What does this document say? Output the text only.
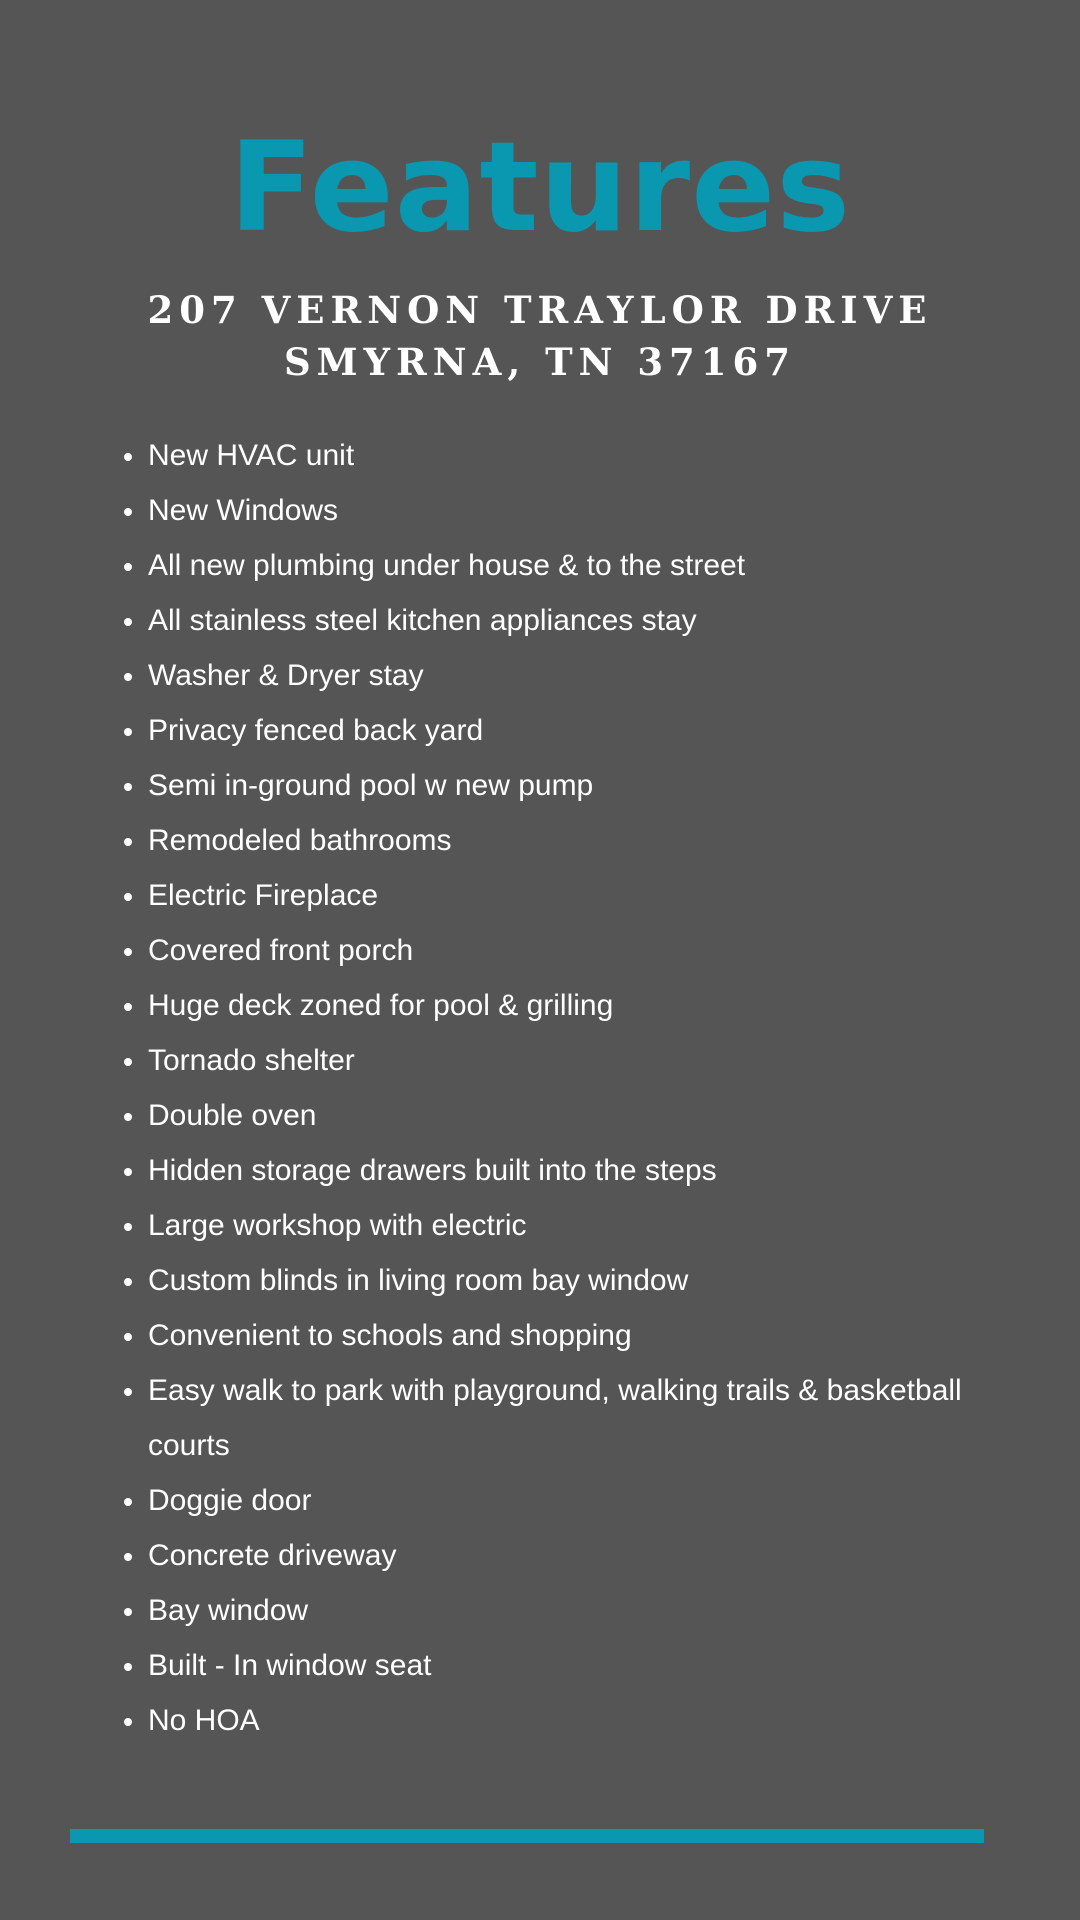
Features
207 VERNON TRAYLOR DRIVE
SMYRNA, TN 37167
New HVAC unit
New Windows
All new plumbing under house & to the street
All stainless steel kitchen appliances stay
Washer & Dryer stay
Privacy fenced back yard
Semi in-ground pool w new pump
Remodeled bathrooms
Electric Fireplace
Covered front porch
Huge deck zoned for pool & grilling
Tornado shelter
Double oven
Hidden storage drawers built into the steps
Large workshop with electric
Custom blinds in living room bay window
Convenient to schools and shopping
Easy walk to park with playground, walking trails & basketball courts
Doggie door
Concrete driveway
Bay window
Built - In window seat
No HOA
